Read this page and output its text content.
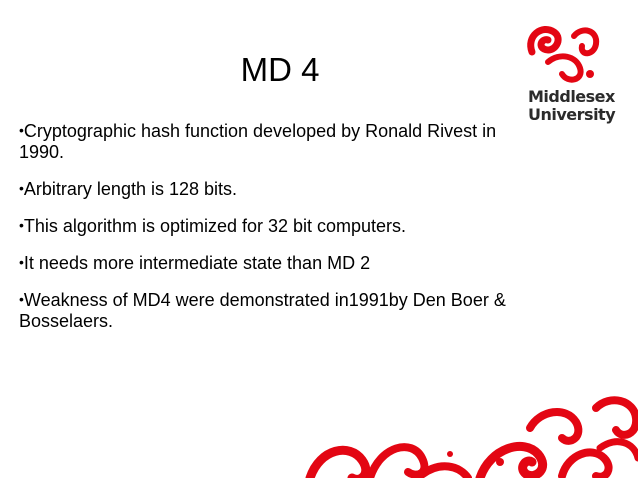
MD 4
Middlesex
University
•Cryptographic hash function developed by Ronald Rivest in 1990.
•Arbitrary length is 128 bits.
•This algorithm is optimized for 32 bit computers.
•It needs more intermediate state than MD 2
•Weakness of MD4 were demonstrated in1991by Den Boer & Bosselaers.
